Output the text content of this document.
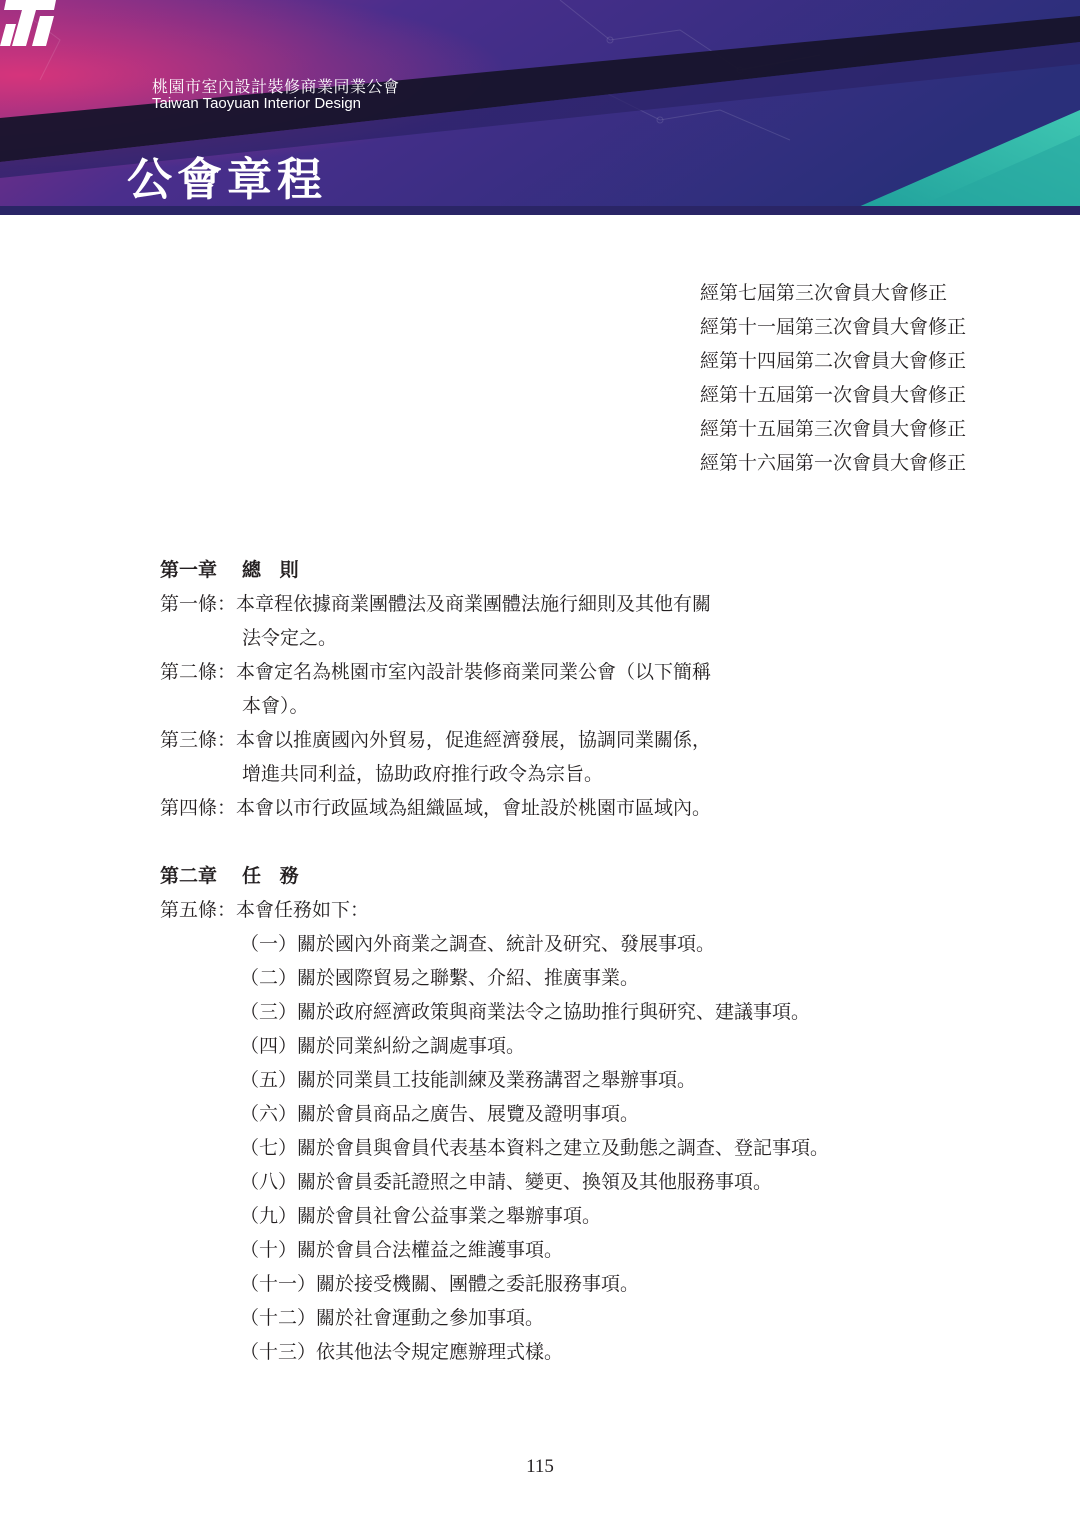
桃園市室內設計裝修商業同業公會
Taiwan Taoyuan Interior Design
公會章程
經第七屆第三次會員大會修正
經第十一屆第三次會員大會修正
經第十四屆第二次會員大會修正
經第十五屆第一次會員大會修正
經第十五屆第三次會員大會修正
經第十六屆第一次會員大會修正
第一章 總 則
第一條：本章程依據商業團體法及商業團體法施行細則及其他有關
法令定之。
第二條：本會定名為桃園市室內設計裝修商業同業公會（以下簡稱
本會）。
第三條：本會以推廣國內外貿易，促進經濟發展，協調同業關係，
增進共同利益，協助政府推行政令為宗旨。
第四條：本會以市行政區域為組織區域，會址設於桃園市區域內。
第二章 任 務
第五條：本會任務如下：
（一）關於國內外商業之調查、統計及研究、發展事項。
（二）關於國際貿易之聯繫、介紹、推廣事業。
（三）關於政府經濟政策與商業法令之協助推行與研究、建議事項。
（四）關於同業糾紛之調處事項。
（五）關於同業員工技能訓練及業務講習之舉辦事項。
（六）關於會員商品之廣告、展覽及證明事項。
（七）關於會員與會員代表基本資料之建立及動態之調查、登記事項。
（八）關於會員委託證照之申請、變更、換領及其他服務事項。
（九）關於會員社會公益事業之舉辦事項。
（十）關於會員合法權益之維護事項。
（十一）關於接受機關、團體之委託服務事項。
（十二）關於社會運動之參加事項。
（十三）依其他法令規定應辦理式樣。
115
